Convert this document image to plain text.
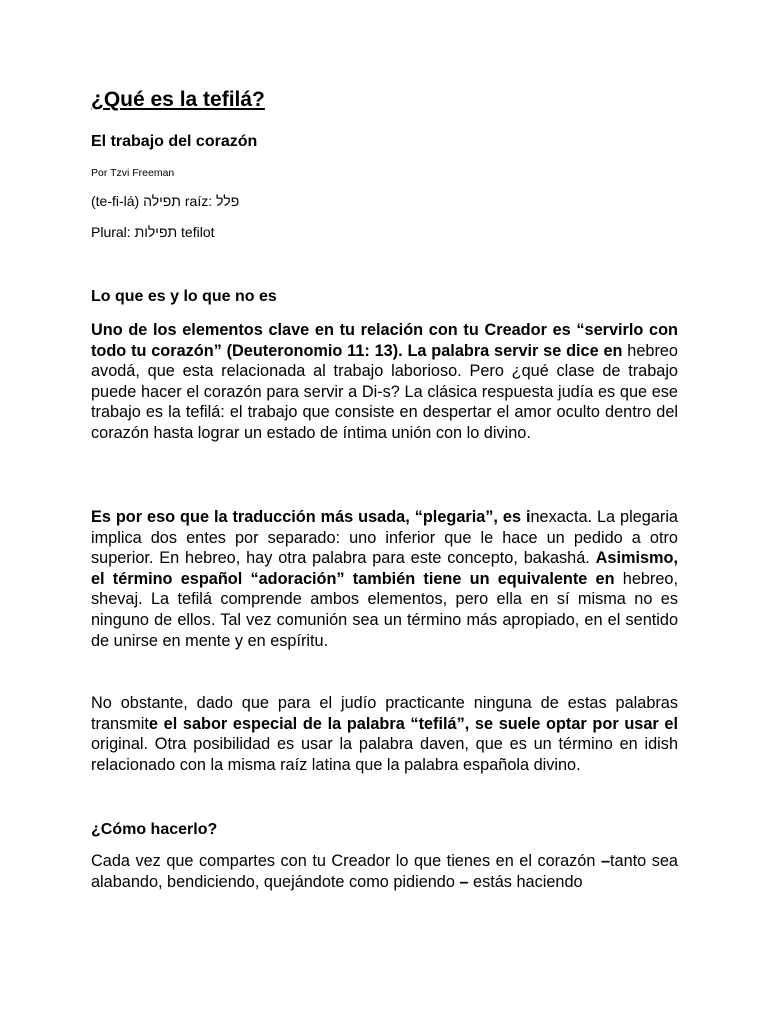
¿Qué es la tefilá?
El trabajo del corazón
Por Tzvi Freeman
(te-fi-lá) תפילה raíz: פלל
Plural: תפילות tefilot
Lo que es y lo que no es

Uno de los elementos clave en tu relación con tu Creador es “servirlo con todo tu corazón” (Deuteronomio 11: 13). La palabra servir se dice en hebreo avodá, que esta relacionada al trabajo laborioso. Pero ¿qué clase de trabajo puede hacer el corazón para servir a Di-s? La clásica respuesta judía es que ese trabajo es la tefilá: el trabajo que consiste en despertar el amor oculto dentro del corazón hasta lograr un estado de íntima unión con lo divino.

Es por eso que la traducción más usada, “plegaria”, es inexacta. La plegaria implica dos entes por separado: uno inferior que le hace un pedido a otro superior. En hebreo, hay otra palabra para este concepto, bakashá. Asimismo, el término español “adoración” también tiene un equivalente en hebreo, shevaj. La tefilá comprende ambos elementos, pero ella en sí misma no es ninguno de ellos. Tal vez comunión sea un término más apropiado, en el sentido de unirse en mente y en espíritu.

No obstante, dado que para el judío practicante ninguna de estas palabras transmite el sabor especial de la palabra “tefilá”, se suele optar por usar el original. Otra posibilidad es usar la palabra daven, que es un término en idish relacionado con la misma raíz latina que la palabra española divino.

¿Cómo hacerlo?

Cada vez que compartes con tu Creador lo que tienes en el corazón –tanto sea alabando, bendiciendo, quejándote como pidiendo – estás haciendo
